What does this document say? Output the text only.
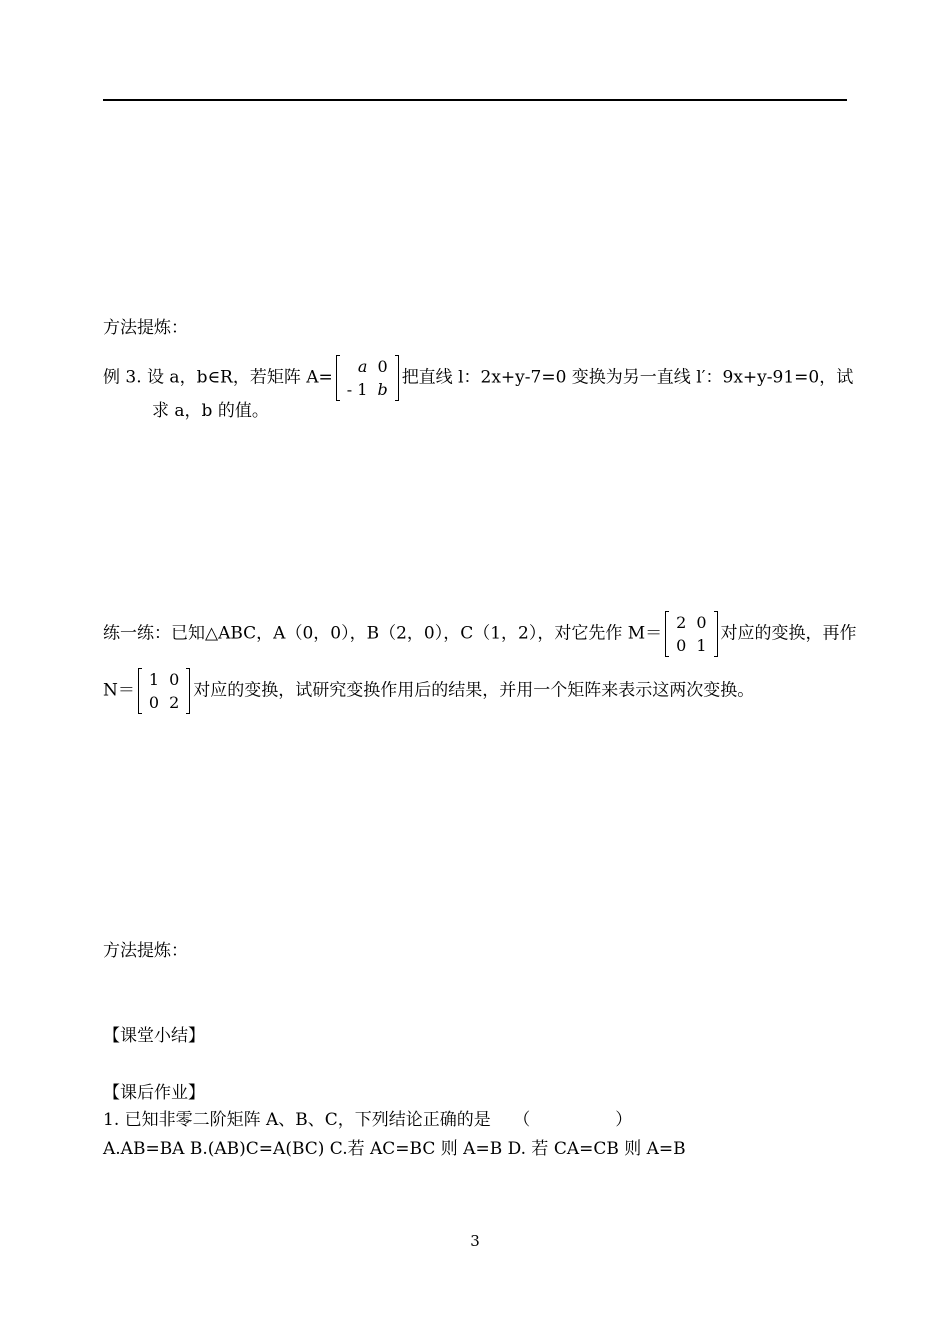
方法提炼：
例 3. 设 a，b∈R，若矩阵 A=
a	0
- 1	b
把直线 l：2x+y-7=0 变换为另一直线 l′：9x+y-91=0，试
求 a，b 的值。
练一练：已知△ABC，A（0，0），B（2，0），C（1，2），对它先作 M＝
2	0
0	1
对应的变换，再作
N＝
1	0
0	2
对应的变换，试研究变换作用后的结果，并用一个矩阵来表示这两次变换。
方法提炼：
【课堂小结】
【课后作业】
1. 已知非零二阶矩阵 A、B、C，下列结论正确的是　 （　　　　　）
A.AB=BA B.(AB)C=A(BC) C.若 AC=BC 则 A=B D. 若 CA=CB 则 A=B
3
